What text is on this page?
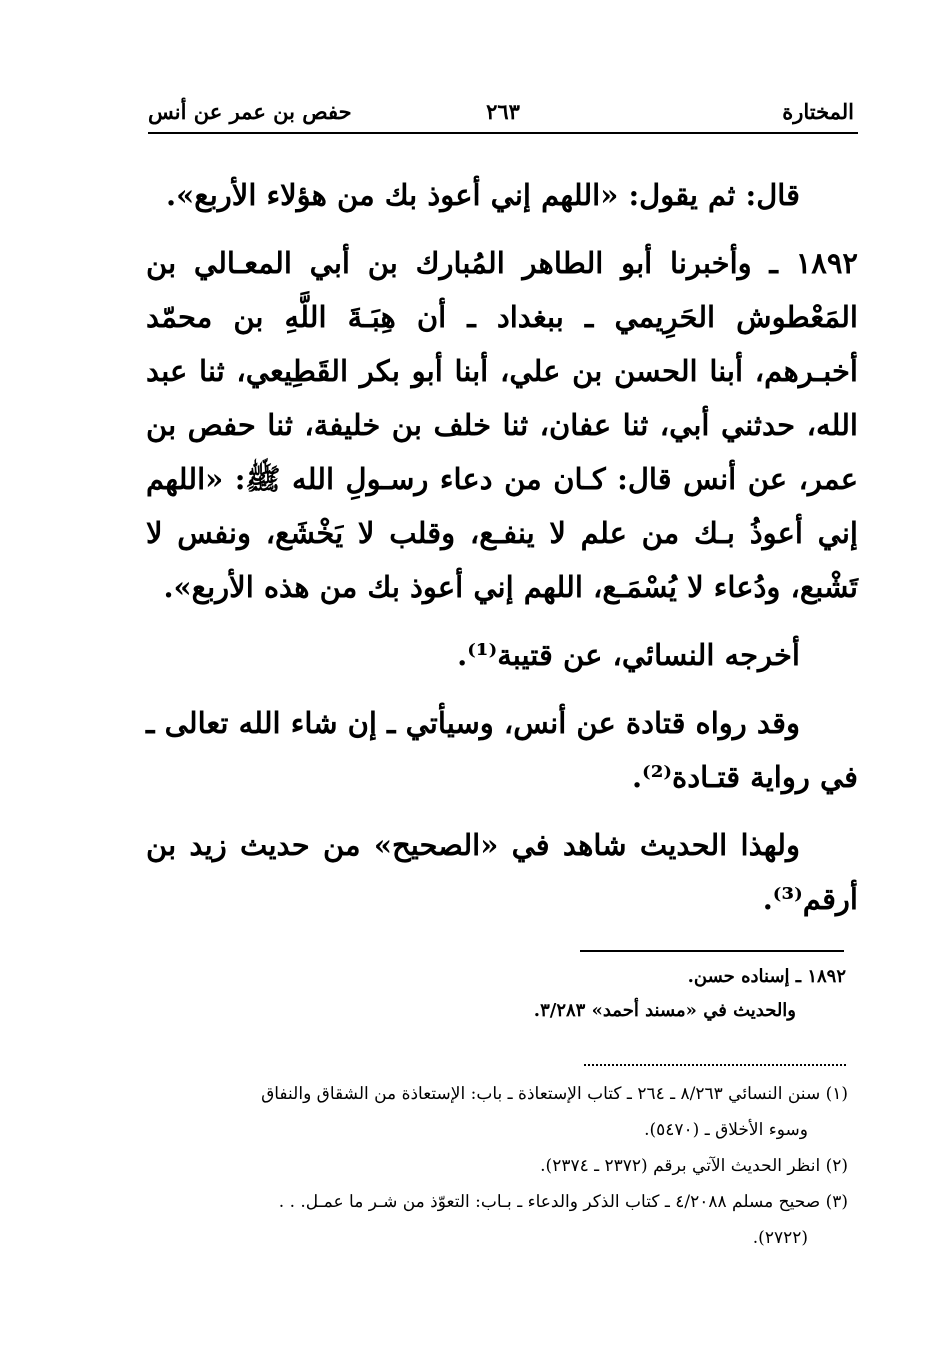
المختارة
٢٦٣
حفص بن عمر عن أنس

قال: ثم يقول: «اللهم إني أعوذ بك من هؤلاء الأربع».

١٨٩٢ ـ وأخبرنا أبو الطاهر المُبارك بن أبي المعـالي بن المَعْطوش الحَرِيمي ـ ببغداد ـ أن هِبَـةَ اللَّهِ بن محمّد أخبـرهم، أبنا الحسن بن علي، أبنا أبو بكر القَطِيعي، ثنا عبد الله، حدثني أبي، ثنا عفان، ثنا خلف بن خليفة، ثنا حفص بن عمر، عن أنس قال: كـان من دعاء رسـولِ الله ﷺ: «اللهم إني أعوذُ بـك من علم لا ينفـع، وقلب لا يَخْشَع، ونفس لا تَشْبع، ودُعاء لا يُسْمَـع، اللهم إني أعوذ بك من هذه الأربع».

أخرجه النسائي، عن قتيبة⁽¹⁾.

وقد رواه قتادة عن أنس، وسيأتي ـ إن شاء الله تعالى ـ في رواية قتـادة⁽²⁾.

ولهذا الحديث شاهد في «الصحيح» من حديث زيد بن أرقم⁽³⁾.

١٨٩٢ ـ إسناده حسن.

والحديث في «مسند أحمد» ٣/٢٨٣.

(١) سنن النسائي ٨/٢٦٣ ـ ٢٦٤ ـ كتاب الإستعاذة ـ باب: الإستعاذة من الشقاق والنفاق

وسوء الأخلاق ـ (٥٤٧٠).

(٢) انظر الحديث الآتي برقم (٢٣٧٢ ـ ٢٣٧٤).

(٣) صحيح مسلم ٤/٢٠٨٨ ـ كتاب الذكر والدعاء ـ بـاب: التعوّذ من شـر ما عمـل. . .

(٢٧٢٢).
